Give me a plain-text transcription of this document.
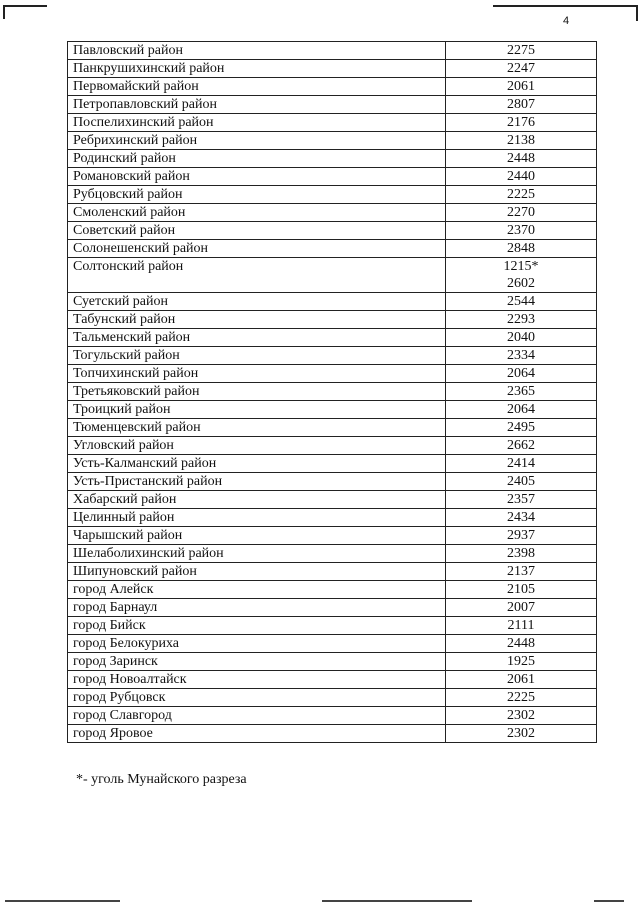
4
Павловский район	2275

Панкрушихинский район	2247

Первомайский район	2061

Петропавловский район	2807

Поспелихинский район	2176

Ребрихинский район	2138

Родинский район	2448

Романовский район	2440

Рубцовский район	2225

Смоленский район	2270

Советский район	2370

Солонешенский район	2848

Солтонский район	1215*
2602

Суетский район	2544

Табунский район	2293

Тальменский район	2040

Тогульский район	2334

Топчихинский район	2064

Третьяковский район	2365

Троицкий район	2064

Тюменцевский район	2495

Угловский район	2662

Усть-Калманский район	2414

Усть-Пристанский район	2405

Хабарский район	2357

Целинный район	2434

Чарышский район	2937

Шелаболихинский район	2398

Шипуновский район	2137

город Алейск	2105

город Барнаул	2007

город Бийск	2111

город Белокуриха	2448

город Заринск	1925

город Новоалтайск	2061

город Рубцовск	2225

город Славгород	2302

город Яровое	2302
*- уголь Мунайского разреза
